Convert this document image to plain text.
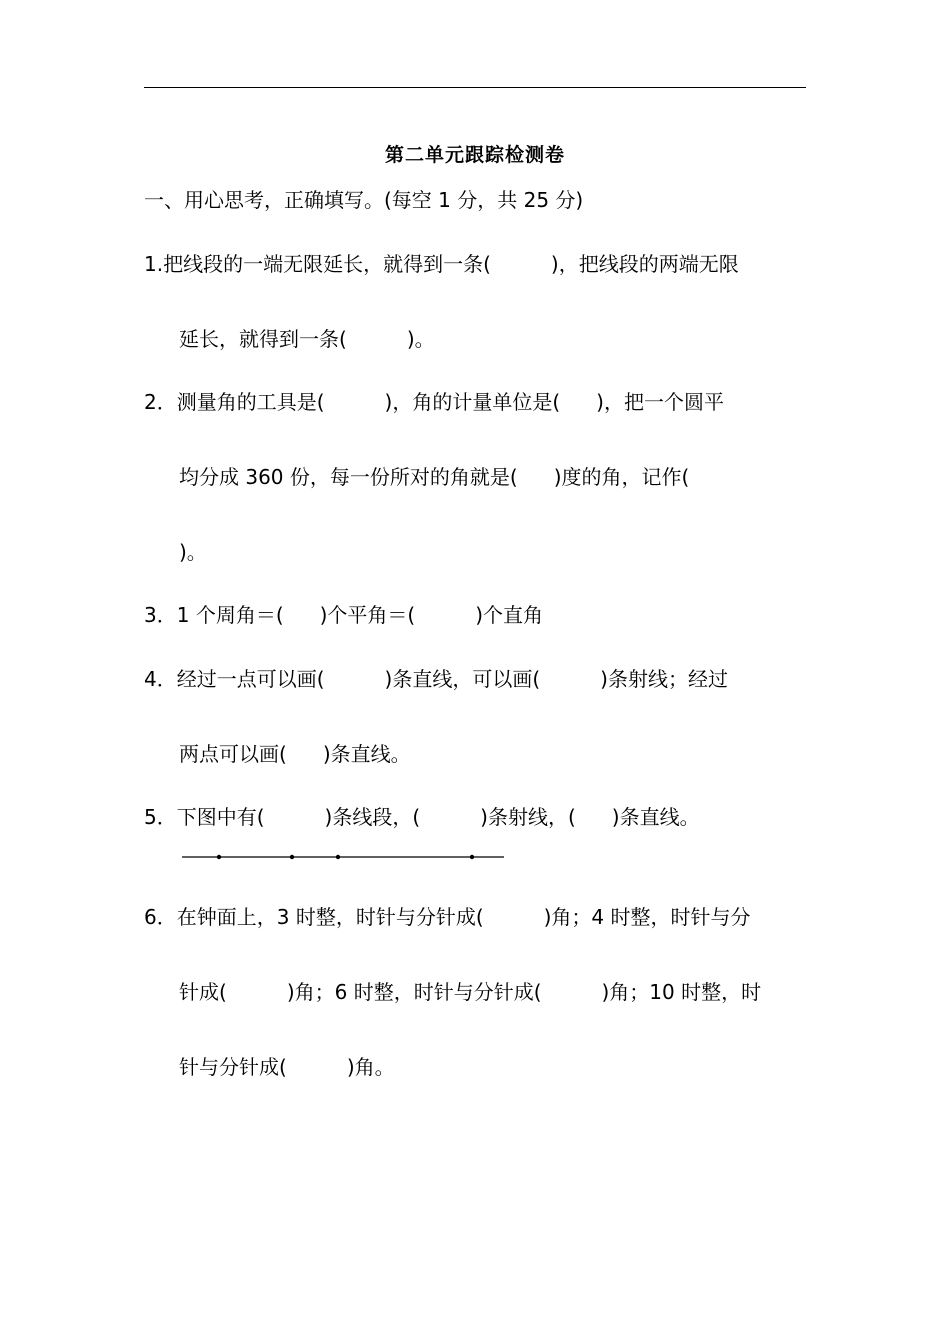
第二单元跟踪检测卷
一、用心思考，正确填写。(每空 1 分，共 25 分)
1.把线段的一端无限延长，就得到一条(	)，把线段的两端无限
延长，就得到一条(	)。
2．测量角的工具是(	)，角的计量单位是( )，把一个圆平
均分成 360 份，每一份所对的角就是( )度的角，记作(
)。
3．1 个周角＝( )个平角＝(	)个直角
4．经过一点可以画(	)条直线，可以画(	)条射线；经过
两点可以画( )条直线。
5．下图中有(	)条线段，(	)条射线，( )条直线。
6．在钟面上，3 时整，时针与分针成(	)角；4 时整，时针与分
针成(	)角；6 时整，时针与分针成(	)角；10 时整，时
针与分针成(	)角。
